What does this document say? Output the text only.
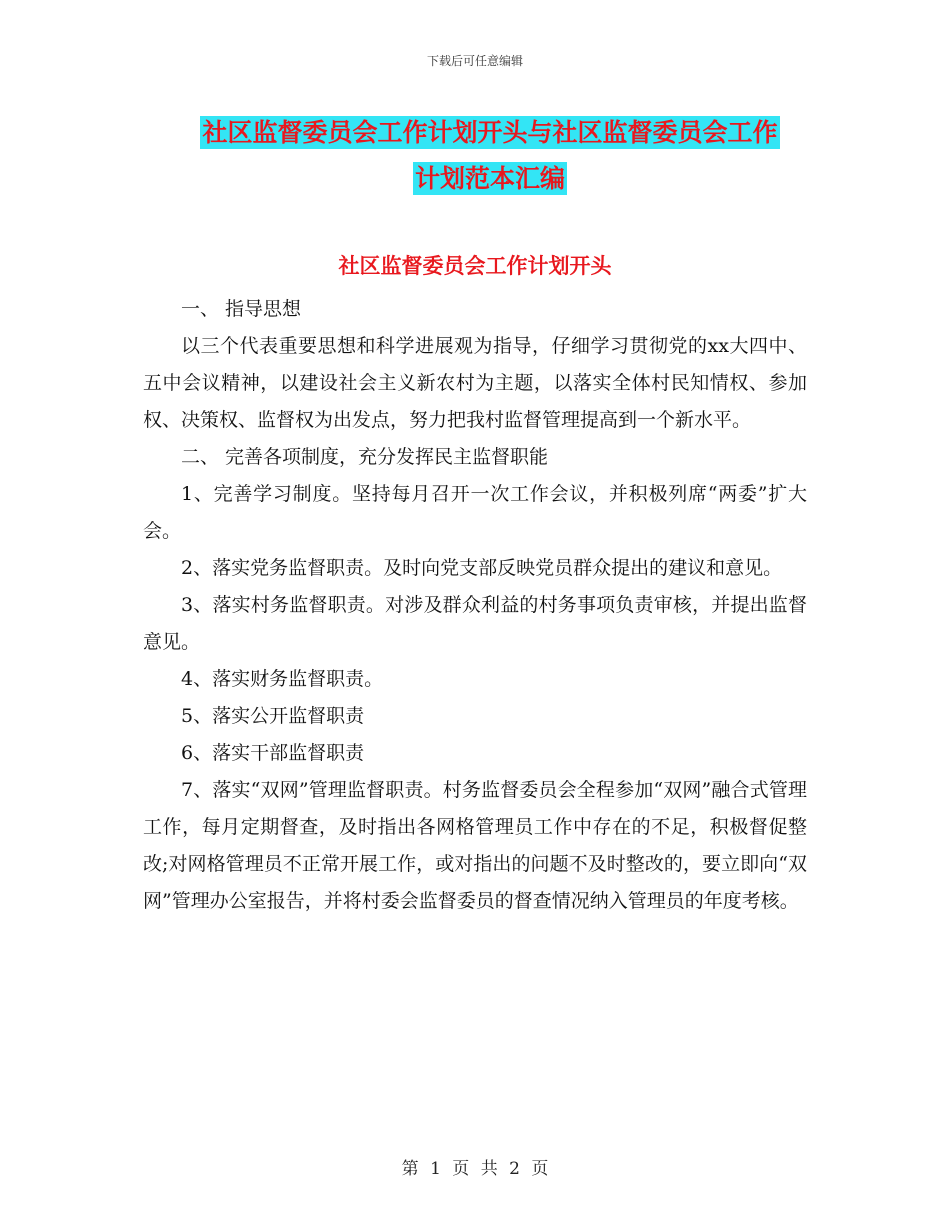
下载后可任意编辑
社区监督委员会工作计划开头与社区监督委员会工作
计划范本汇编
社区监督委员会工作计划开头

一、 指导思想

以三个代表重要思想和科学进展观为指导，仔细学习贯彻党的xx大四中、五中会议精神，以建设社会主义新农村为主题，以落实全体村民知情权、参加权、决策权、监督权为出发点，努力把我村监督管理提高到一个新水平。

二、 完善各项制度，充分发挥民主监督职能

1、完善学习制度。坚持每月召开一次工作会议，并积极列席“两委”扩大会。

2、落实党务监督职责。及时向党支部反映党员群众提出的建议和意见。

3、落实村务监督职责。对涉及群众利益的村务事项负责审核，并提出监督意见。

4、落实财务监督职责。

5、落实公开监督职责

6、落实干部监督职责

7、落实“双网”管理监督职责。村务监督委员会全程参加“双网”融合式管理工作，每月定期督查，及时指出各网格管理员工作中存在的不足，积极督促整改;对网格管理员不正常开展工作，或对指出的问题不及时整改的，要立即向“双网”管理办公室报告，并将村委会监督委员的督查情况纳入管理员的年度考核。

第 1 页 共 2 页
